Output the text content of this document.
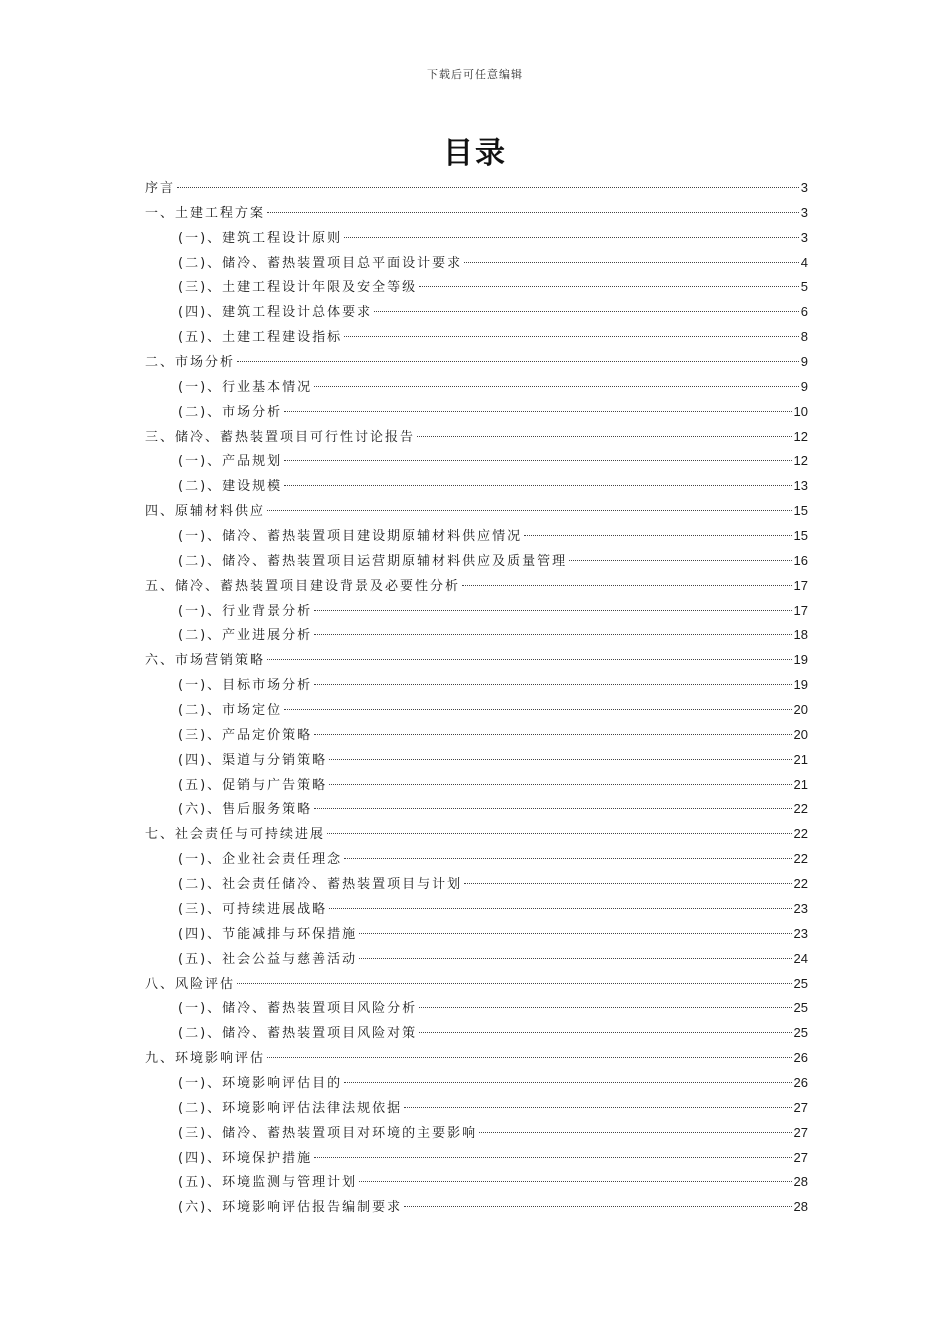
下载后可任意编辑
目录
序言	3
一、土建工程方案	3
(一)、建筑工程设计原则	3
(二)、储冷、蓄热装置项目总平面设计要求	4
(三)、土建工程设计年限及安全等级	5
(四)、建筑工程设计总体要求	6
(五)、土建工程建设指标	8
二、市场分析	9
(一)、行业基本情况	9
(二)、市场分析	10
三、储冷、蓄热装置项目可行性讨论报告	12
(一)、产品规划	12
(二)、建设规模	13
四、原辅材料供应	15
(一)、储冷、蓄热装置项目建设期原辅材料供应情况	15
(二)、储冷、蓄热装置项目运营期原辅材料供应及质量管理	16
五、储冷、蓄热装置项目建设背景及必要性分析	17
(一)、行业背景分析	17
(二)、产业进展分析	18
六、市场营销策略	19
(一)、目标市场分析	19
(二)、市场定位	20
(三)、产品定价策略	20
(四)、渠道与分销策略	21
(五)、促销与广告策略	21
(六)、售后服务策略	22
七、社会责任与可持续进展	22
(一)、企业社会责任理念	22
(二)、社会责任储冷、蓄热装置项目与计划	22
(三)、可持续进展战略	23
(四)、节能减排与环保措施	23
(五)、社会公益与慈善活动	24
八、风险评估	25
(一)、储冷、蓄热装置项目风险分析	25
(二)、储冷、蓄热装置项目风险对策	25
九、环境影响评估	26
(一)、环境影响评估目的	26
(二)、环境影响评估法律法规依据	27
(三)、储冷、蓄热装置项目对环境的主要影响	27
(四)、环境保护措施	27
(五)、环境监测与管理计划	28
(六)、环境影响评估报告编制要求	28
